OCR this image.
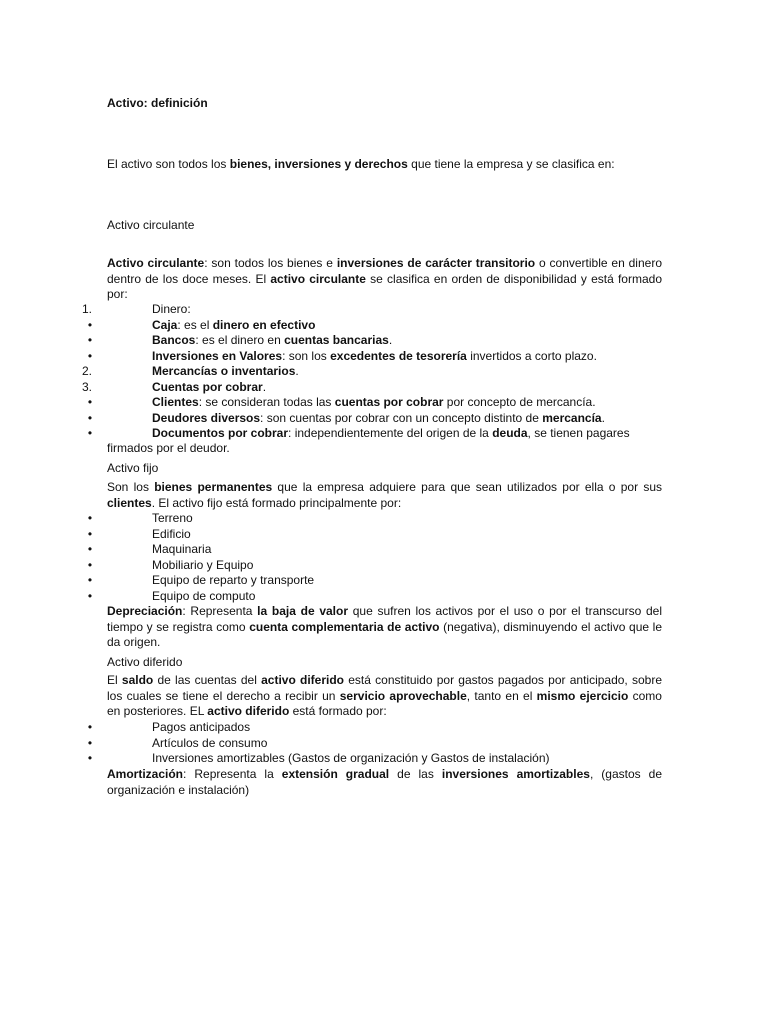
Activo: definición
El activo son todos los bienes, inversiones y derechos que tiene la empresa y se clasifica en:
Activo circulante
Activo circulante: son todos los bienes e inversiones de carácter transitorio o convertible en dinero dentro de los doce meses. El activo circulante se clasifica en orden de disponibilidad y está formado por:
1.	Dinero:
•	Caja: es el dinero en efectivo
•	Bancos: es el dinero en cuentas bancarias.
•	Inversiones en Valores: son los excedentes de tesorería invertidos a corto plazo.
2.	Mercancías o inventarios.
3.	Cuentas por cobrar.
•	Clientes: se consideran todas las cuentas por cobrar por concepto de mercancía.
•	Deudores diversos: son cuentas por cobrar con un concepto distinto de mercancía.
•	Documentos por cobrar: independientemente del origen de la deuda, se tienen pagares
firmados por el deudor.
Activo fijo
Son los bienes permanentes que la empresa adquiere para que sean utilizados por ella o por sus clientes. El activo fijo está formado principalmente por:
•	Terreno
•	Edificio
•	Maquinaria
•	Mobiliario y Equipo
•	Equipo de reparto y transporte
•	Equipo de computo
Depreciación: Representa la baja de valor que sufren los activos por el uso o por el transcurso del tiempo y se registra como cuenta complementaria de activo (negativa), disminuyendo el activo que le da origen.
Activo diferido
El saldo de las cuentas del activo diferido está constituido por gastos pagados por anticipado, sobre los cuales se tiene el derecho a recibir un servicio aprovechable, tanto en el mismo ejercicio como en posteriores. EL activo diferido está formado por:
•	Pagos anticipados
•	Artículos de consumo
•	Inversiones amortizables (Gastos de organización y Gastos de instalación)
Amortización: Representa la extensión gradual de las inversiones amortizables, (gastos de organización e instalación)
